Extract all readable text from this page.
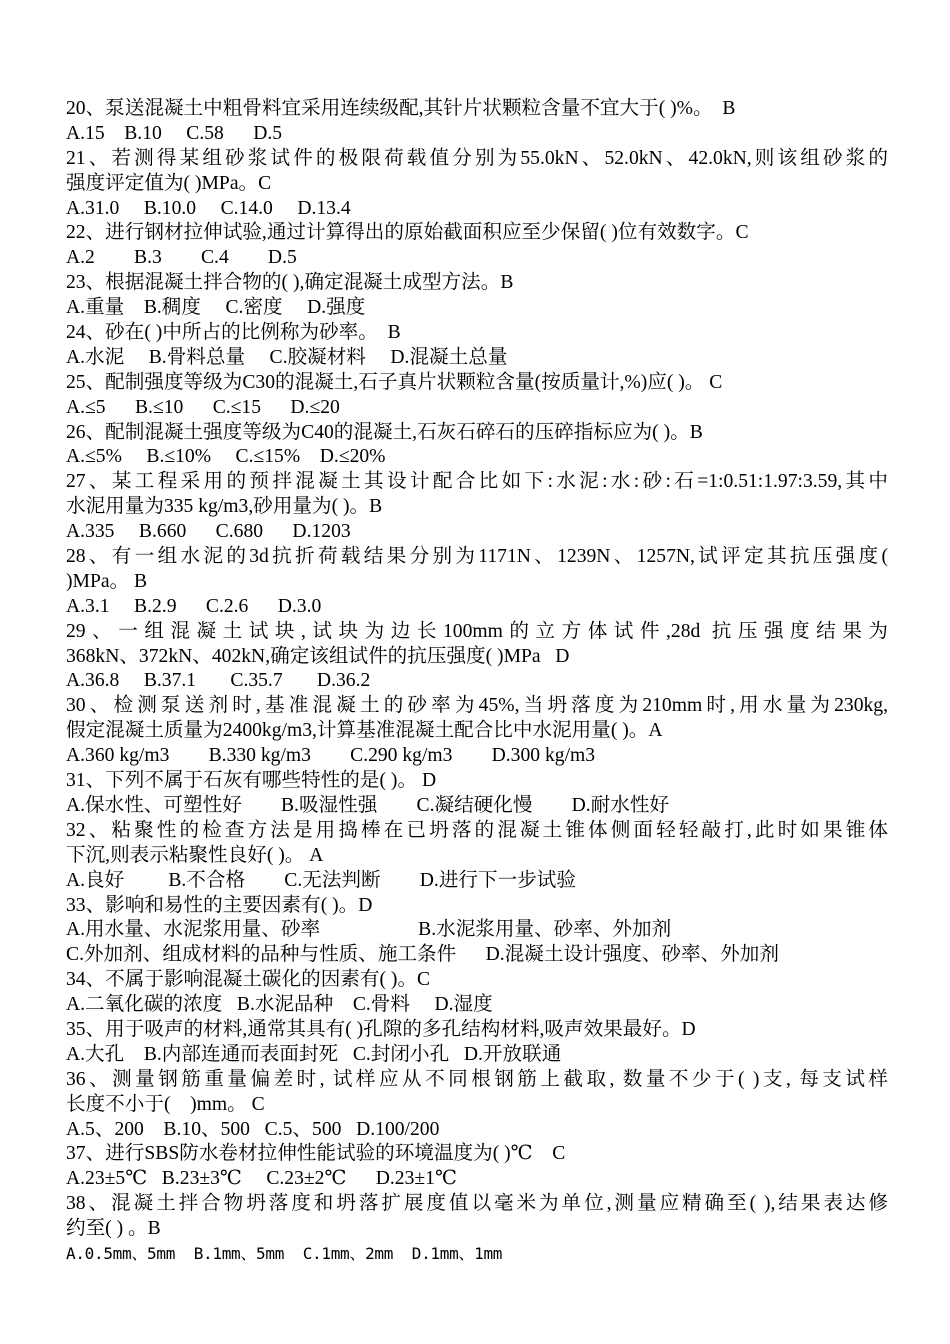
20、泵送混凝土中粗骨料宜采用连续级配,其针片状颗粒含量不宜大于( )%。  B
A.15    B.10     C.58      D.5
21、若测得某组砂浆试件的极限荷载值分别为55.0kN、52.0kN、42.0kN,则该组砂浆的
强度评定值为( )MPa。C
A.31.0     B.10.0     C.14.0     D.13.4
22、进行钢材拉伸试验,通过计算得出的原始截面积应至少保留( )位有效数字。C
A.2        B.3        C.4        D.5
23、根据混凝土拌合物的( ),确定混凝土成型方法。B
A.重量    B.稠度     C.密度     D.强度
24、砂在( )中所占的比例称为砂率。  B
A.水泥     B.骨料总量     C.胶凝材料     D.混凝土总量
25、配制强度等级为C30的混凝土,石子真片状颗粒含量(按质量计,%)应( )。 C
A.≤5      B.≤10      C.≤15      D.≤20
26、配制混凝土强度等级为C40的混凝土,石灰石碎石的压碎指标应为( )。B
A.≤5%     B.≤10%     C.≤15%    D.≤20%
27、某工程采用的预拌混凝土其设计配合比如下:水泥:水:砂:石=1:0.51:1.97:3.59,其中
水泥用量为335 kg/m3,砂用量为( )。B
A.335     B.660      C.680      D.1203
28、有一组水泥的3d抗折荷载结果分别为1171N、1239N、1257N,试评定其抗压强度(
)MPa。 B
A.3.1     B.2.9      C.2.6      D.3.0
29、一组混凝土试块,试块为边长100mm的立方体试件,28d 抗压强度结果为
368kN、372kN、402kN,确定该组试件的抗压强度( )MPa   D
A.36.8     B.37.1       C.35.7       D.36.2
30、检测泵送剂时,基准混凝土的砂率为45%,当坍落度为210mm时,用水量为230kg,
假定混凝土质量为2400kg/m3,计算基准混凝土配合比中水泥用量( )。A
A.360 kg/m3        B.330 kg/m3        C.290 kg/m3        D.300 kg/m3
31、下列不属于石灰有哪些特性的是( )。 D
A.保水性、可塑性好        B.吸湿性强        C.凝结硬化慢        D.耐水性好
32、粘聚性的检查方法是用捣棒在已坍落的混凝土锥体侧面轻轻敲打,此时如果锥体
下沉,则表示粘聚性良好( )。 A
A.良好         B.不合格        C.无法判断        D.进行下一步试验
33、影响和易性的主要因素有( )。D
A.用水量、水泥浆用量、砂率                    B.水泥浆用量、砂率、外加剂
C.外加剂、组成材料的品种与性质、施工条件      D.混凝土设计强度、砂率、外加剂
34、不属于影响混凝土碳化的因素有( )。C
A.二氧化碳的浓度   B.水泥品种    C.骨料     D.湿度
35、用于吸声的材料,通常其具有( )孔隙的多孔结构材料,吸声效果最好。D
A.大孔    B.内部连通而表面封死   C.封闭小孔   D.开放联通
36、测量钢筋重量偏差时, 试样应从不同根钢筋上截取, 数量不少于( )支, 每支试样
长度不小于(    )mm。 C
A.5、200    B.10、500   C.5、500   D.100/200
37、进行SBS防水卷材拉伸性能试验的环境温度为( )℃    C
A.23±5℃   B.23±3℃     C.23±2℃      D.23±1℃
38、混凝土拌合物坍落度和坍落扩展度值以毫米为单位,测量应精确至( ),结果表达修
约至( ) 。B
A.0.5mm、5mm  B.1mm、5mm  C.1mm、2mm  D.1mm、1mm
